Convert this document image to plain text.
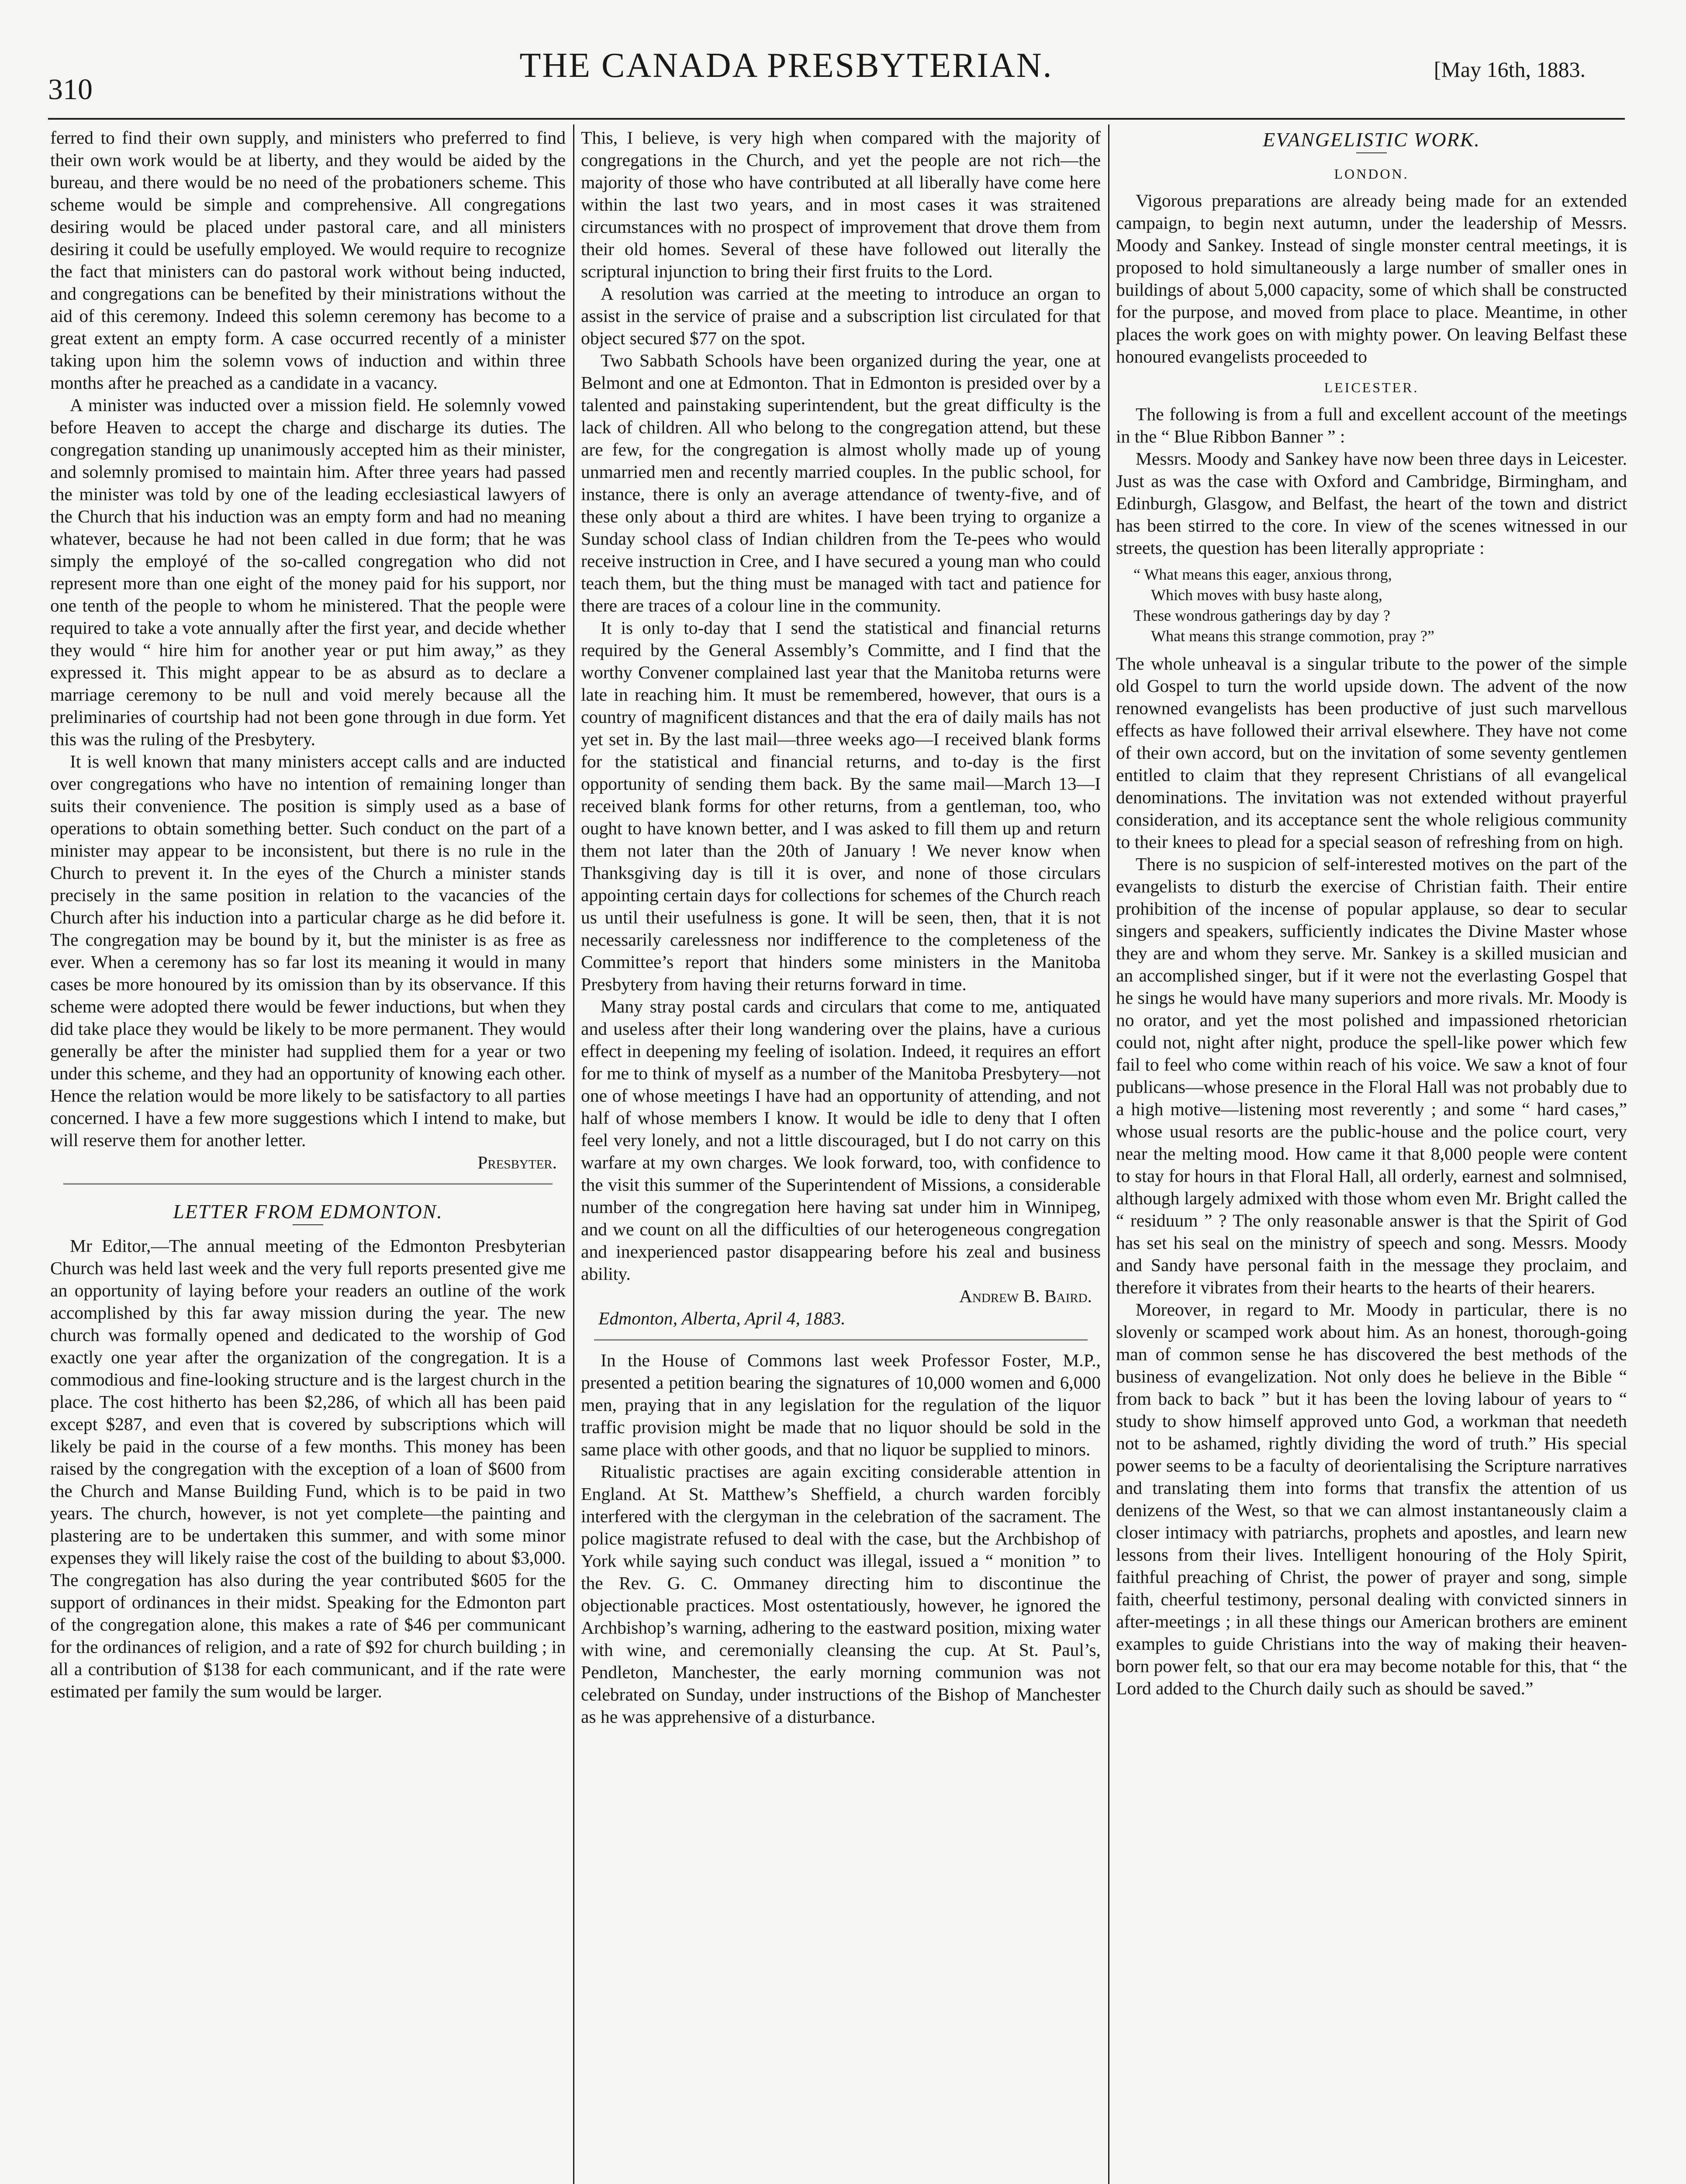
310
THE CANADA PRESBYTERIAN.	[May 16th, 1883.

ferred to find their own supply, and ministers who preferred to find their own work would be at liberty, and they would be aided by the bureau, and there would be no need of the probationers scheme. This scheme would be simple and comprehensive. All congregations desiring would be placed under pastoral care, and all ministers desiring it could be usefully employed. We would require to recognize the fact that ministers can do pastoral work without being inducted, and congregations can be benefited by their ministrations without the aid of this ceremony. Indeed this solemn ceremony has become to a great extent an empty form. A case occurred recently of a minister taking upon him the solemn vows of induction and within three months after he preached as a candidate in a vacancy.

A minister was inducted over a mission field. He solemnly vowed before Heaven to accept the charge and discharge its duties. The congregation standing up unanimously accepted him as their minister, and solemnly promised to maintain him. After three years had passed the minister was told by one of the leading ecclesiastical lawyers of the Church that his induction was an empty form and had no meaning whatever, because he had not been called in due form; that he was simply the employé of the so-called congregation who did not represent more than one eight of the money paid for his support, nor one tenth of the people to whom he ministered. That the people were required to take a vote annually after the first year, and decide whether they would “ hire him for another year or put him away,” as they expressed it. This might appear to be as absurd as to declare a marriage ceremony to be null and void merely because all the preliminaries of courtship had not been gone through in due form. Yet this was the ruling of the Presbytery.

It is well known that many ministers accept calls and are inducted over congregations who have no intention of remaining longer than suits their convenience. The position is simply used as a base of operations to obtain something better. Such conduct on the part of a minister may appear to be inconsistent, but there is no rule in the Church to prevent it. In the eyes of the Church a minister stands precisely in the same position in relation to the vacancies of the Church after his induction into a particular charge as he did before it. The congregation may be bound by it, but the minister is as free as ever. When a ceremony has so far lost its meaning it would in many cases be more honoured by its omission than by its observance. If this scheme were adopted there would be fewer inductions, but when they did take place they would be likely to be more permanent. They would generally be after the minister had supplied them for a year or two under this scheme, and they had an opportunity of knowing each other. Hence the relation would be more likely to be satisfactory to all parties concerned. I have a few more suggestions which I intend to make, but will reserve them for another letter.

Presbyter.
LETTER FROM EDMONTON.

Mr Editor,—The annual meeting of the Edmonton Presbyterian Church was held last week and the very full reports presented give me an opportunity of laying before your readers an outline of the work accomplished by this far away mission during the year. The new church was formally opened and dedicated to the worship of God exactly one year after the organization of the congregation. It is a commodious and fine-looking structure and is the largest church in the place. The cost hitherto has been $2,286, of which all has been paid except $287, and even that is covered by subscriptions which will likely be paid in the course of a few months. This money has been raised by the congregation with the exception of a loan of $600 from the Church and Manse Building Fund, which is to be paid in two years. The church, however, is not yet complete—the painting and plastering are to be undertaken this summer, and with some minor expenses they will likely raise the cost of the building to about $3,000. The congregation has also during the year contributed $605 for the support of ordinances in their midst. Speaking for the Edmonton part of the congregation alone, this makes a rate of $46 per communicant for the ordinances of religion, and a rate of $92 for church building ; in all a contribution of $138 for each communicant, and if the rate were estimated per family the sum would be larger.

This, I believe, is very high when compared with the majority of congregations in the Church, and yet the people are not rich—the majority of those who have contributed at all liberally have come here within the last two years, and in most cases it was straitened circumstances with no prospect of improvement that drove them from their old homes. Several of these have followed out literally the scriptural injunction to bring their first fruits to the Lord.

A resolution was carried at the meeting to introduce an organ to assist in the service of praise and a subscription list circulated for that object secured $77 on the spot.

Two Sabbath Schools have been organized during the year, one at Belmont and one at Edmonton. That in Edmonton is presided over by a talented and painstaking superintendent, but the great difficulty is the lack of children. All who belong to the congregation attend, but these are few, for the congregation is almost wholly made up of young unmarried men and recently married couples. In the public school, for instance, there is only an average attendance of twenty-five, and of these only about a third are whites. I have been trying to organize a Sunday school class of Indian children from the Te-pees who would receive instruction in Cree, and I have secured a young man who could teach them, but the thing must be managed with tact and patience for there are traces of a colour line in the community.

It is only to-day that I send the statistical and financial returns required by the General Assembly’s Committe, and I find that the worthy Convener complained last year that the Manitoba returns were late in reaching him. It must be remembered, however, that ours is a country of magnificent distances and that the era of daily mails has not yet set in. By the last mail—three weeks ago—I received blank forms for the statistical and financial returns, and to-day is the first opportunity of sending them back. By the same mail—March 13—I received blank forms for other returns, from a gentleman, too, who ought to have known better, and I was asked to fill them up and return them not later than the 20th of January ! We never know when Thanksgiving day is till it is over, and none of those circulars appointing certain days for collections for schemes of the Church reach us until their usefulness is gone. It will be seen, then, that it is not necessarily carelessness nor indifference to the completeness of the Committee’s report that hinders some ministers in the Manitoba Presbytery from having their returns forward in time.

Many stray postal cards and circulars that come to me, antiquated and useless after their long wandering over the plains, have a curious effect in deepening my feeling of isolation. Indeed, it requires an effort for me to think of myself as a number of the Manitoba Presbytery—not one of whose meetings I have had an opportunity of attending, and not half of whose members I know. It would be idle to deny that I often feel very lonely, and not a little discouraged, but I do not carry on this warfare at my own charges. We look forward, too, with confidence to the visit this summer of the Superintendent of Missions, a considerable number of the congregation here having sat under him in Winnipeg, and we count on all the difficulties of our heterogeneous congregation and inexperienced pastor disappearing before his zeal and business ability.

Andrew B. Baird.
Edmonton, Alberta, April 4, 1883.

In the House of Commons last week Professor Foster, M.P., presented a petition bearing the signatures of 10,000 women and 6,000 men, praying that in any legislation for the regulation of the liquor traffic provision might be made that no liquor should be sold in the same place with other goods, and that no liquor be supplied to minors.

Ritualistic practises are again exciting considerable attention in England. At St. Matthew’s Sheffield, a church warden forcibly interfered with the clergyman in the celebration of the sacrament. The police magistrate refused to deal with the case, but the Archbishop of York while saying such conduct was illegal, issued a “ monition ” to the Rev. G. C. Ommaney directing him to discontinue the objectionable practices. Most ostentatiously, however, he ignored the Archbishop’s warning, adhering to the eastward position, mixing water with wine, and ceremonially cleansing the cup. At St. Paul’s, Pendleton, Manchester, the early morning communion was not celebrated on Sunday, under instructions of the Bishop of Manchester as he was apprehensive of a disturbance.

EVANGELISTIC WORK.
LONDON.

Vigorous preparations are already being made for an extended campaign, to begin next autumn, under the leadership of Messrs. Moody and Sankey. Instead of single monster central meetings, it is proposed to hold simultaneously a large number of smaller ones in buildings of about 5,000 capacity, some of which shall be constructed for the purpose, and moved from place to place. Meantime, in other places the work goes on with mighty power. On leaving Belfast these honoured evangelists proceeded to

LEICESTER.

The following is from a full and excellent account of the meetings in the “ Blue Ribbon Banner ” :

Messrs. Moody and Sankey have now been three days in Leicester. Just as was the case with Oxford and Cambridge, Birmingham, and Edinburgh, Glasgow, and Belfast, the heart of the town and district has been stirred to the core. In view of the scenes witnessed in our streets, the question has been literally appropriate :

“ What means this eager, anxious throng,
Which moves with busy haste along,
These wondrous gatherings day by day ?
What means this strange commotion, pray ?”

The whole unheaval is a singular tribute to the power of the simple old Gospel to turn the world upside down. The advent of the now renowned evangelists has been productive of just such marvellous effects as have followed their arrival elsewhere. They have not come of their own accord, but on the invitation of some seventy gentlemen entitled to claim that they represent Christians of all evangelical denominations. The invitation was not extended without prayerful consideration, and its acceptance sent the whole religious community to their knees to plead for a special season of refreshing from on high.

There is no suspicion of self-interested motives on the part of the evangelists to disturb the exercise of Christian faith. Their entire prohibition of the incense of popular applause, so dear to secular singers and speakers, sufficiently indicates the Divine Master whose they are and whom they serve. Mr. Sankey is a skilled musician and an accomplished singer, but if it were not the everlasting Gospel that he sings he would have many superiors and more rivals. Mr. Moody is no orator, and yet the most polished and impassioned rhetorician could not, night after night, produce the spell-like power which few fail to feel who come within reach of his voice. We saw a knot of four publicans—whose presence in the Floral Hall was not probably due to a high motive—listening most reverently ; and some “ hard cases,” whose usual resorts are the public-house and the police court, very near the melting mood. How came it that 8,000 people were content to stay for hours in that Floral Hall, all orderly, earnest and solmnised, although largely admixed with those whom even Mr. Bright called the “ residuum ” ? The only reasonable answer is that the Spirit of God has set his seal on the ministry of speech and song. Messrs. Moody and Sandy have personal faith in the message they proclaim, and therefore it vibrates from their hearts to the hearts of their hearers.

Moreover, in regard to Mr. Moody in particular, there is no slovenly or scamped work about him. As an honest, thorough-going man of common sense he has discovered the best methods of the business of evangelization. Not only does he believe in the Bible “ from back to back ” but it has been the loving labour of years to “ study to show himself approved unto God, a workman that needeth not to be ashamed, rightly dividing the word of truth.” His special power seems to be a faculty of deorientalising the Scripture narratives and translating them into forms that transfix the attention of us denizens of the West, so that we can almost instantaneously claim a closer intimacy with patriarchs, prophets and apostles, and learn new lessons from their lives. Intelligent honouring of the Holy Spirit, faithful preaching of Christ, the power of prayer and song, simple faith, cheerful testimony, personal dealing with convicted sinners in after-meetings ; in all these things our American brothers are eminent examples to guide Christians into the way of making their heaven-born power felt, so that our era may become notable for this, that “ the Lord added to the Church daily such as should be saved.”
